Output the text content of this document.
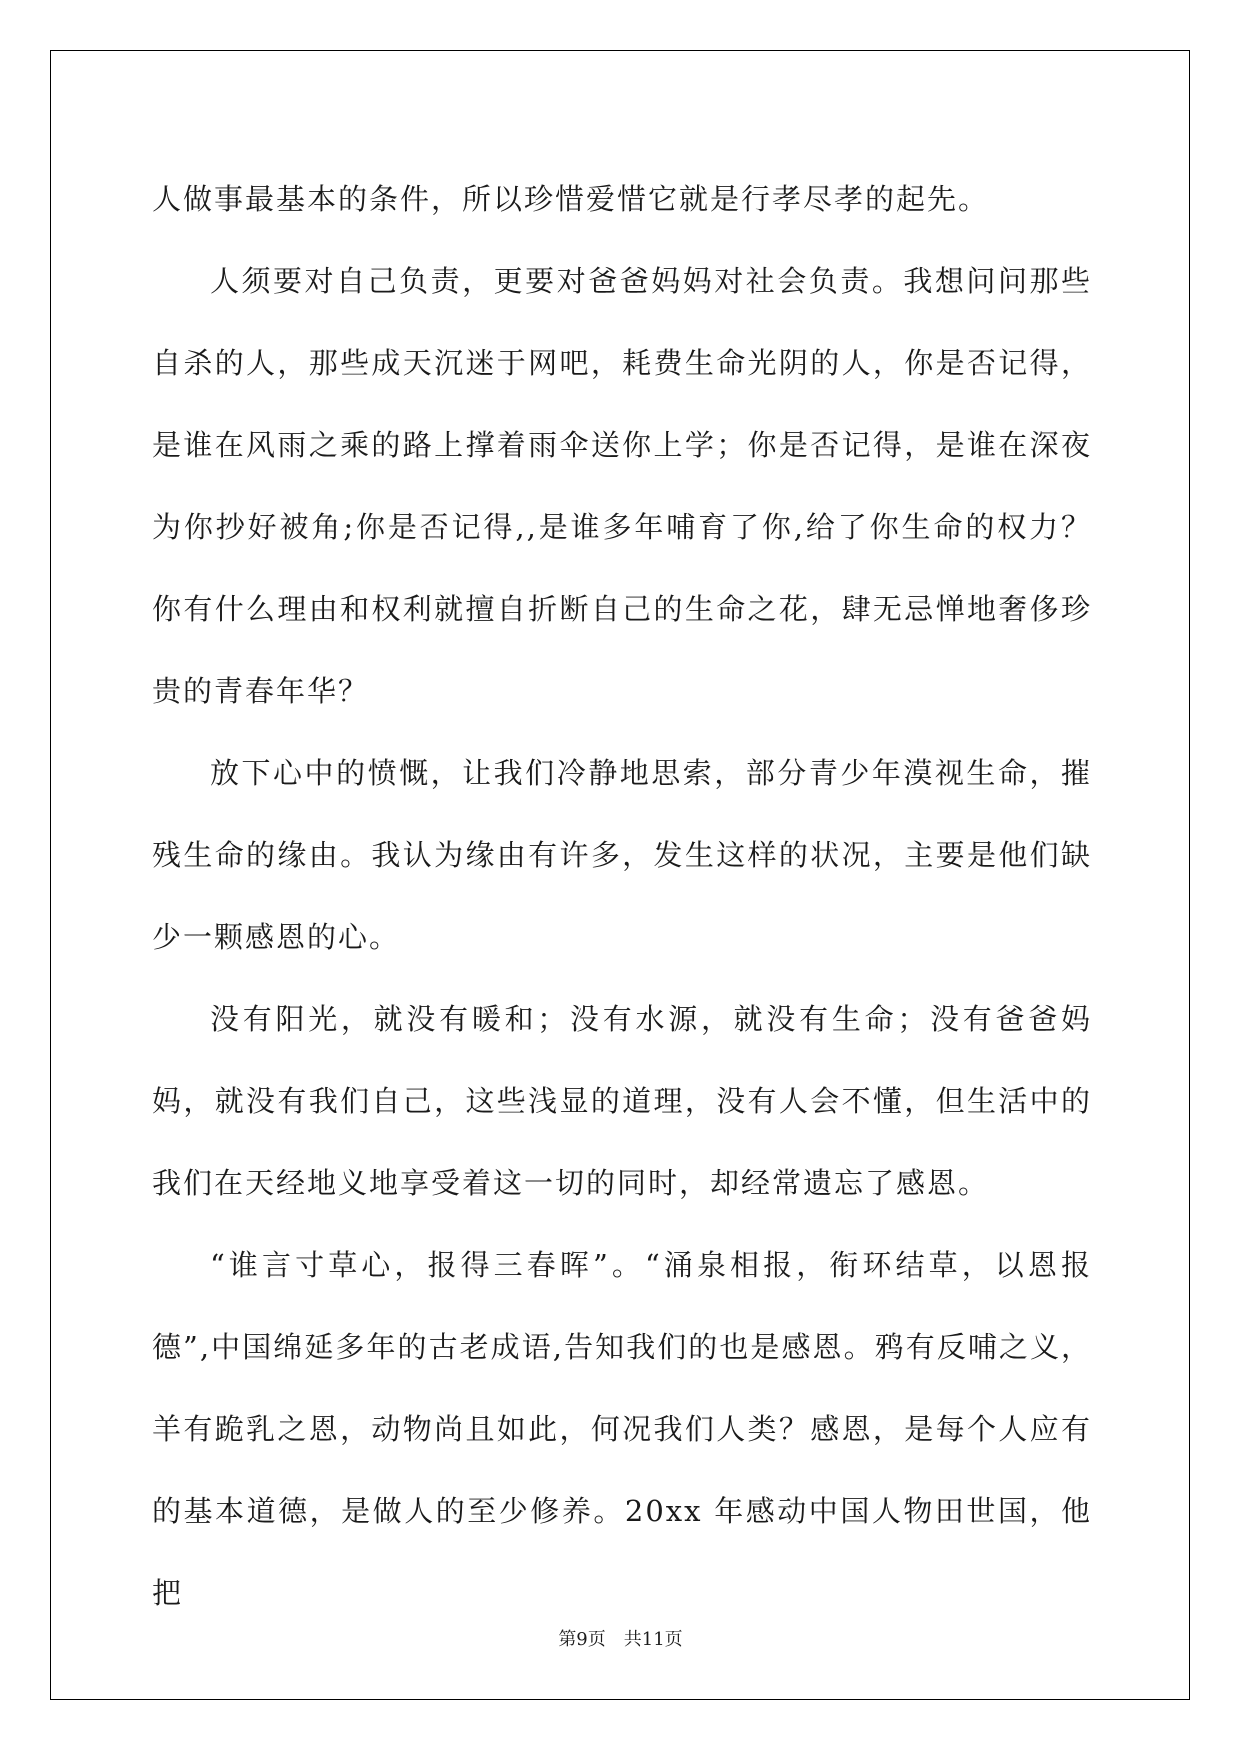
人做事最基本的条件，所以珍惜爱惜它就是行孝尽孝的起先。

人须要对自己负责，更要对爸爸妈妈对社会负责。我想问问那些自杀的人，那些成天沉迷于网吧，耗费生命光阴的人，你是否记得，是谁在风雨之乘的路上撑着雨伞送你上学；你是否记得，是谁在深夜为你抄好被角;你是否记得,,是谁多年哺育了你,给了你生命的权力？你有什么理由和权利就擅自折断自己的生命之花，肆无忌惮地奢侈珍贵的青春年华？

放下心中的愤慨，让我们冷静地思索，部分青少年漠视生命，摧残生命的缘由。我认为缘由有许多，发生这样的状况，主要是他们缺少一颗感恩的心。

没有阳光，就没有暖和；没有水源，就没有生命；没有爸爸妈妈，就没有我们自己，这些浅显的道理，没有人会不懂，但生活中的我们在天经地义地享受着这一切的同时，却经常遗忘了感恩。

“谁言寸草心，报得三春晖”。“涌泉相报，衔环结草，以恩报德”,中国绵延多年的古老成语,告知我们的也是感恩。鸦有反哺之义，羊有跪乳之恩，动物尚且如此，何况我们人类？感恩，是每个人应有的基本道德，是做人的至少修养。20xx 年感动中国人物田世国，他把

第9页 共11页
